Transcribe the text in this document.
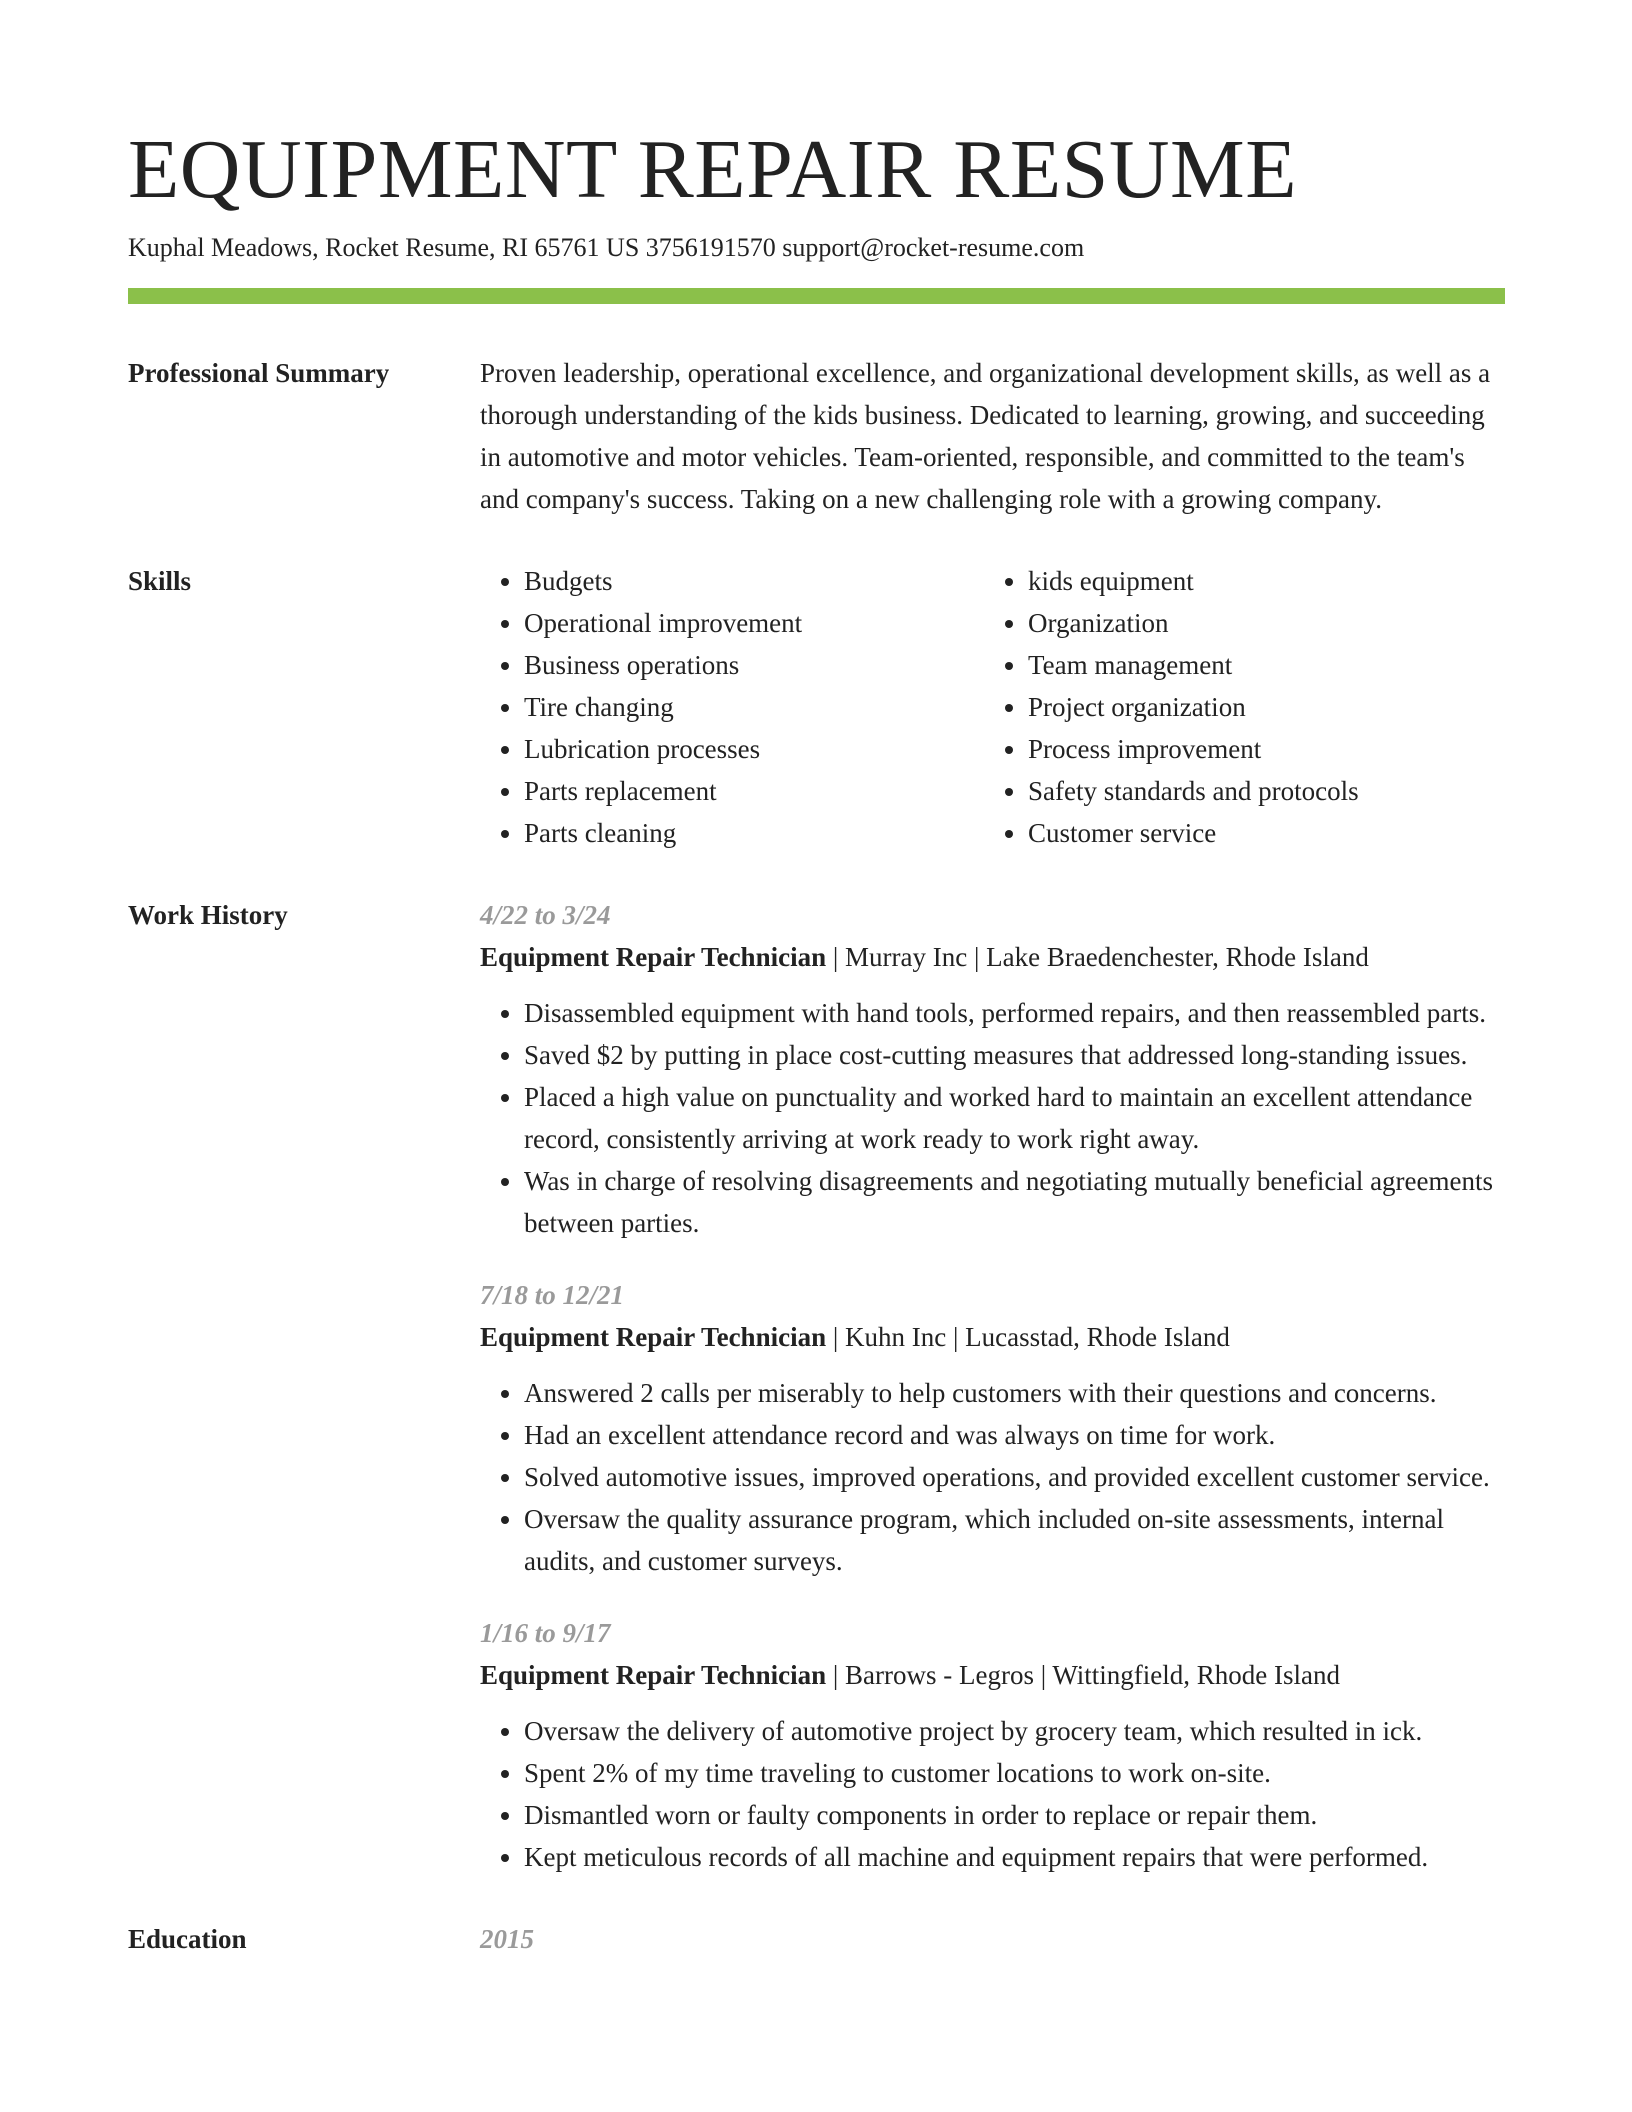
EQUIPMENT REPAIR RESUME
Kuphal Meadows, Rocket Resume, RI 65761 US 3756191570 support@rocket-resume.com
Professional Summary	Proven leadership, operational excellence, and organizational development skills, as well as a thorough understanding of the kids business. Dedicated to learning, growing, and succeeding in automotive and motor vehicles. Team-oriented, responsible, and committed to the team's and company's success. Taking on a new challenging role with a growing company.

Skills
•	Budgets
• Operational improvement
• Business operations
• Tire changing
• Lubrication processes
• Parts replacement
• Parts cleaning
• kids equipment
• Organization
• Team management
• Project organization
• Process improvement
• Safety standards and protocols
• Customer service
Work History	4/22 to 3/24
Equipment Repair Technician | Murray Inc | Lake Braedenchester, Rhode Island
• Disassembled equipment with hand tools, performed repairs, and then reassembled parts.
• Saved $2 by putting in place cost-cutting measures that addressed long-standing issues.
• Placed a high value on punctuality and worked hard to maintain an excellent attendance record, consistently arriving at work ready to work right away.
• Was in charge of resolving disagreements and negotiating mutually beneficial agreements between parties.
7/18 to 12/21
Equipment Repair Technician | Kuhn Inc | Lucasstad, Rhode Island
• Answered 2 calls per miserably to help customers with their questions and concerns.
• Had an excellent attendance record and was always on time for work.
• Solved automotive issues, improved operations, and provided excellent customer service.
• Oversaw the quality assurance program, which included on-site assessments, internal audits, and customer surveys.
1/16 to 9/17
Equipment Repair Technician | Barrows - Legros | Wittingfield, Rhode Island
• Oversaw the delivery of automotive project by grocery team, which resulted in ick.
• Spent 2% of my time traveling to customer locations to work on-site.
• Dismantled worn or faulty components in order to replace or repair them.
• Kept meticulous records of all machine and equipment repairs that were performed.
Education	2015
